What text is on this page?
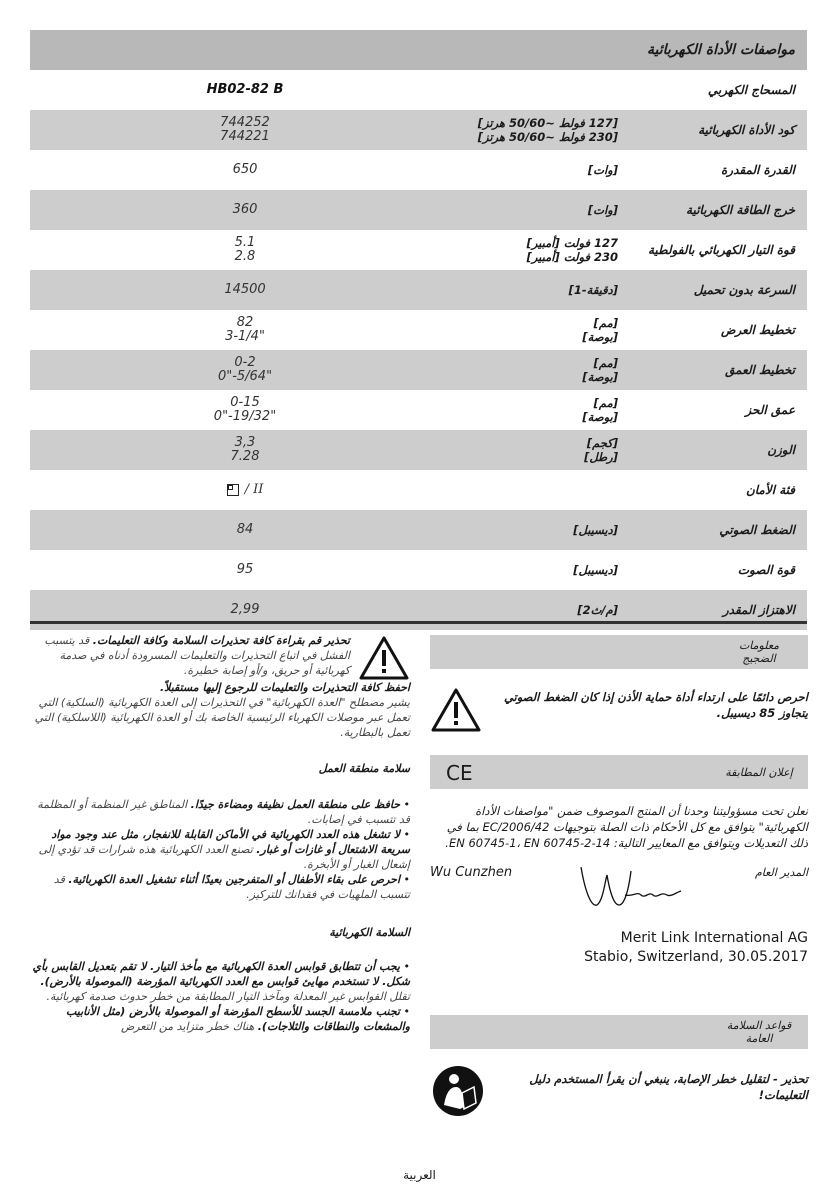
مواصفات الأداة الكهربائية
المسحاج الكهربي
HB02-82 B
كود الأداة الكهربائية
[127 فولط ~50/60 هرتز]
[230 فولط ~50/60 هرتز]
744252
744221
القدرة المقدرة
[وات]
650
خرج الطاقة الكهربائية
[وات]
360
قوة التيار الكهربائي بالفولطية
127 فولت [أمبير]
230 فولت [أمبير]
5.1
2.8
السرعة بدون تحميل
[دقيقة-1]
14500
تخطيط العرض
[مم]
[بوصة]
82
3-1/4"
تخطيط العمق
[مم]
[بوصة]
0-2
0"-5/64"
عمق الحز
[مم]
[بوصة]
0-15
0"-19/32"
الوزن
[كجم]
[رطل]
3,3
7.28
فئة الأمان
/ II
الضغط الصوتي
[ديسيبل]
84
قوة الصوت
[ديسيبل]
95
الاهتزاز المقدر
[م/ث2]
2,99
معلومات الضجيج
احرص دائمًا على ارتداء أداة حماية الأذن إذا كان الضغط الصوتي يتجاوز 85 ديسيبل.
إعلان المطابقة
CE
نعلن تحت مسؤوليتنا وحدنا أن المنتج الموصوف ضمن "مواصفات الأداة الكهربائية" يتوافق مع كل الأحكام ذات الصلة بتوجيهات 2006/42/EC بما في ذلك التعديلات ويتوافق مع المعايير التالية: EN 60745-1، EN 60745-2-14.
المدير العام
Wu Cunzhen
Merit Link International AG
Stabio, Switzerland, 30.05.2017
قواعد السلامة العامة
تحذير - لتقليل خطر الإصابة، ينبغي أن يقرأ المستخدم دليل التعليمات!
تحذير قم بقراءة كافة تحذيرات السلامة وكافة التعليمات. قد يتسبب الفشل في اتباع التحذيرات والتعليمات المسرودة أدناه في صدمة كهربائية أو حريق، و/أو إصابة خطيرة.
احفظ كافة التحذيرات والتعليمات للرجوع إليها مستقبلاً.
يشير مصطلح "العدة الكهربائية" في التحذيرات إلى العدة الكهربائية (السلكية) التي تعمل عبر موصلات الكهرباء الرئيسية الخاصة بك أو العدة الكهربائية (اللاسلكية) التي تعمل بالبطارية.
سلامة منطقة العمل
• حافظ على منطقة العمل نظيفة ومضاءة جيدًا. المناطق غير المنظمة أو المظلمة قد تتسبب في إصابات.
• لا تشغل هذه العدد الكهربائية في الأماكن القابلة للانفجار، مثل عند وجود مواد سريعة الاشتعال أو غازات أو غبار. تصنع العدد الكهربائية هذه شرارات قد تؤدي إلى إشعال الغبار أو الأبخرة.
• احرص على بقاء الأطفال أو المتفرجين بعيدًا أثناء تشغيل العدة الكهربائية. قد تتسبب الملهيات في فقدانك للتركيز.
السلامة الكهربائية
• يجب أن تتطابق قوابس العدة الكهربائية مع مأخذ التيار. لا تقم بتعديل القابس بأي شكل. لا تستخدم مهايئ قوابس مع العدد الكهربائية المؤرضة (الموصولة بالأرض). تقلل القوابس غير المعدلة ومآخذ التيار المطابقة من خطر حدوث صدمة كهربائية.
• تجنب ملامسة الجسد للأسطح المؤرضة أو الموصولة بالأرض (مثل الأنابيب والمشعات والنطاقات والثلاجات). هناك خطر متزايد من التعرض
العربية
